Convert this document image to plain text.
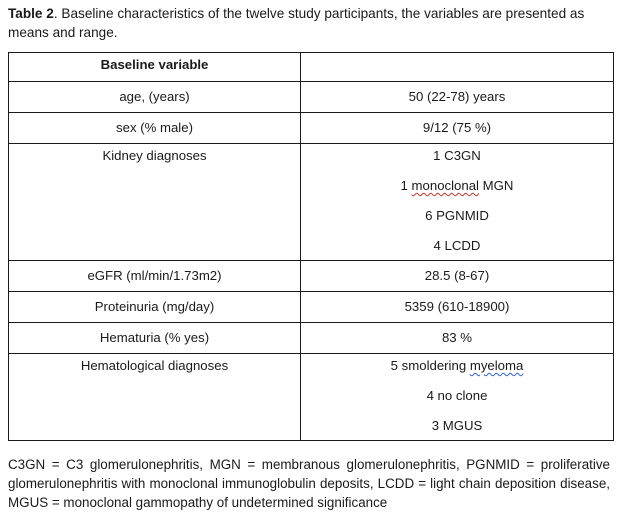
Table 2. Baseline characteristics of the twelve study participants, the variables are presented as means and range.
Baseline variable	
age, (years)	50 (22-78) years
sex (% male)	9/12 (75 %)
Kidney diagnoses	1 C3GN
1 monoclonal MGN
6 PGNMID
4 LCDD

eGFR (ml/min/1.73m2)	28.5 (8-67)
Proteinuria (mg/day)	5359 (610-18900)
Hematuria (% yes)	83 %
Hematological diagnoses	5 smoldering myeloma
4 no clone
3 MGUS
C3GN = C3 glomerulonephritis, MGN = membranous glomerulonephritis, PGNMID = proliferative glomerulonephritis with monoclonal immunoglobulin deposits, LCDD = light chain deposition disease, MGUS = monoclonal gammopathy of undetermined significance
